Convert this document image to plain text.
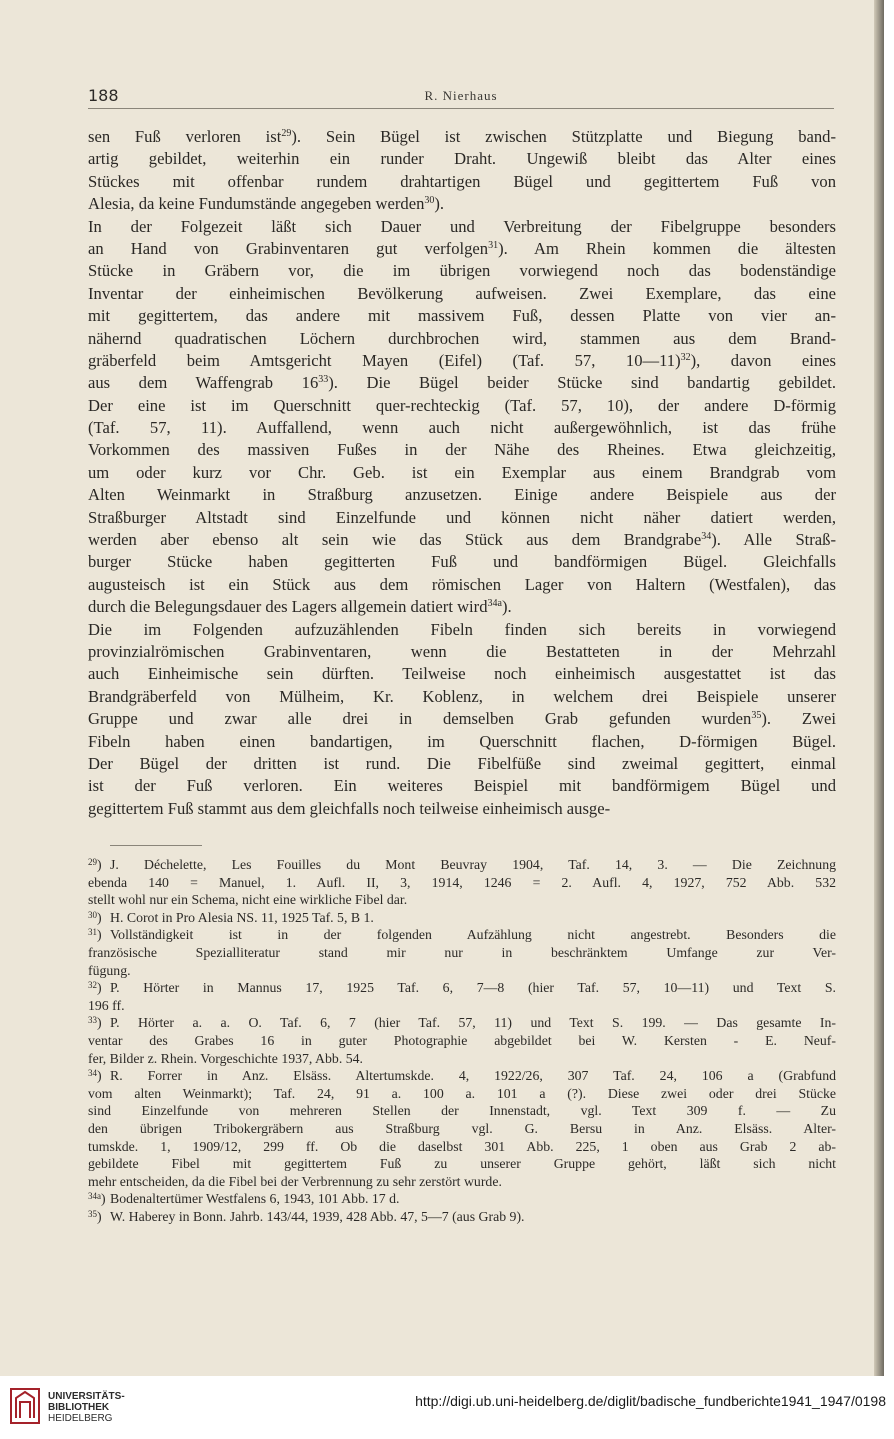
188	R. Nierhaus
sen Fuß verloren ist$^{29}$). Sein Bügel ist zwischen Stützplatte und Biegung band-
artig gebildet, weiterhin ein runder Draht. Ungewiß bleibt das Alter eines
Stückes mit offenbar rundem drahtartigen Bügel und gegittertem Fuß von
Alesia, da keine Fundumstände angegeben werden$^{30}$).
In der Folgezeit läßt sich Dauer und Verbreitung der Fibelgruppe besonders
an Hand von Grabinventaren gut verfolgen$^{31}$). Am Rhein kommen die ältesten
Stücke in Gräbern vor, die im übrigen vorwiegend noch das bodenständige
Inventar der einheimischen Bevölkerung aufweisen. Zwei Exemplare, das eine
mit gegittertem, das andere mit massivem Fuß, dessen Platte von vier an-
nähernd quadratischen Löchern durchbrochen wird, stammen aus dem Brand-
gräberfeld beim Amtsgericht Mayen (Eifel) (Taf. 57, 10—11)$^{32}$), davon eines
aus dem Waffengrab $16^{33}$). Die Bügel beider Stücke sind bandartig gebildet.
Der eine ist im Querschnitt quer-rechteckig (Taf. 57, 10), der andere D-förmig
(Taf. 57, 11). Auffallend, wenn auch nicht außergewöhnlich, ist das frühe
Vorkommen des massiven Fußes in der Nähe des Rheines. Etwa gleichzeitig,
um oder kurz vor Chr. Geb. ist ein Exemplar aus einem Brandgrab vom
Alten Weinmarkt in Straßburg anzusetzen. Einige andere Beispiele aus der
Straßburger Altstadt sind Einzelfunde und können nicht näher datiert werden,
werden aber ebenso alt sein wie das Stück aus dem Brandgrabe$^{34}$). Alle Straß-
burger Stücke haben gegitterten Fuß und bandförmigen Bügel. Gleichfalls
augusteisch ist ein Stück aus dem römischen Lager von Haltern (Westfalen), das
durch die Belegungsdauer des Lagers allgemein datiert wird$^{34a}$).
Die im Folgenden aufzuzählenden Fibeln finden sich bereits in vorwiegend
provinzialrömischen Grabinventaren, wenn die Bestatteten in der Mehrzahl
auch Einheimische sein dürften. Teilweise noch einheimisch ausgestattet ist das
Brandgräberfeld von Mülheim, Kr. Koblenz, in welchem drei Beispiele unserer
Gruppe und zwar alle drei in demselben Grab gefunden wurden$^{35}$). Zwei
Fibeln haben einen bandartigen, im Querschnitt flachen, D-förmigen Bügel.
Der Bügel der dritten ist rund. Die Fibelfüße sind zweimal gegittert, einmal
ist der Fuß verloren. Ein weiteres Beispiel mit bandförmigem Bügel und
gegittertem Fuß stammt aus dem gleichfalls noch teilweise einheimisch ausge-
$^{29}$) J. Déchelette, Les Fouilles du Mont Beuvray 1904, Taf. 14, 3. — Die Zeichnung
ebenda 140 = Manuel, 1. Aufl. II, 3, 1914, 1246 = 2. Aufl. 4, 1927, 752 Abb. 532
stellt wohl nur ein Schema, nicht eine wirkliche Fibel dar.
$^{30}$) H. Corot in Pro Alesia NS. 11, 1925 Taf. 5, B 1.
$^{31}$) Vollständigkeit ist in der folgenden Aufzählung nicht angestrebt. Besonders die
französische Spezialliteratur stand mir nur in beschränktem Umfange zur Ver-
fügung.
$^{32}$) P. Hörter in Mannus 17, 1925 Taf. 6, 7—8 (hier Taf. 57, 10—11) und Text S.
196 ff.
$^{33}$) P. Hörter a. a. O. Taf. 6, 7 (hier Taf. 57, 11) und Text S. 199. — Das gesamte In-
ventar des Grabes 16 in guter Photographie abgebildet bei W. Kersten - E. Neuf-
fer, Bilder z. Rhein. Vorgeschichte 1937, Abb. 54.
$^{34}$) R. Forrer in Anz. Elsäss. Altertumskde. 4, 1922/26, 307 Taf. 24, 106 a (Grabfund
vom alten Weinmarkt); Taf. 24, 91 a. 100 a. 101 a (?). Diese zwei oder drei Stücke
sind Einzelfunde von mehreren Stellen der Innenstadt, vgl. Text 309 f. — Zu
den übrigen Tribokergräbern aus Straßburg vgl. G. Bersu in Anz. Elsäss. Alter-
tumskde. 1, 1909/12, 299 ff. Ob die daselbst 301 Abb. 225, 1 oben aus Grab 2 ab-
gebildete Fibel mit gegittertem Fuß zu unserer Gruppe gehört, läßt sich nicht
mehr entscheiden, da die Fibel bei der Verbrennung zu sehr zerstört wurde.
$^{34a}$) Bodenaltertümer Westfalens 6, 1943, 101 Abb. 17 d.
$^{35}$) W. Haberey in Bonn. Jahrb. 143/44, 1939, 428 Abb. 47, 5—7 (aus Grab 9).
UNIVERSITÄTS-
BIBLIOTHEK
HEIDELBERG
http://digi.ub.uni-heidelberg.de/diglit/badische_fundberichte1941_1947/0198
